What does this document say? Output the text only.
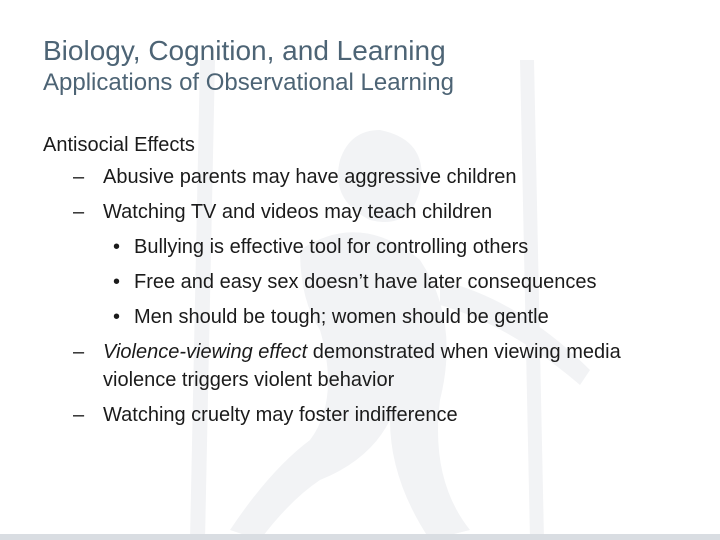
Biology, Cognition, and Learning
Applications of Observational Learning
Antisocial Effects
– Abusive parents may have aggressive children
– Watching TV and videos may teach children
• Bullying is effective tool for controlling others
• Free and easy sex doesn’t have later consequences
• Men should be tough; women should be gentle
– Violence-viewing effect demonstrated when viewing media violence triggers violent behavior
– Watching cruelty may foster indifference
